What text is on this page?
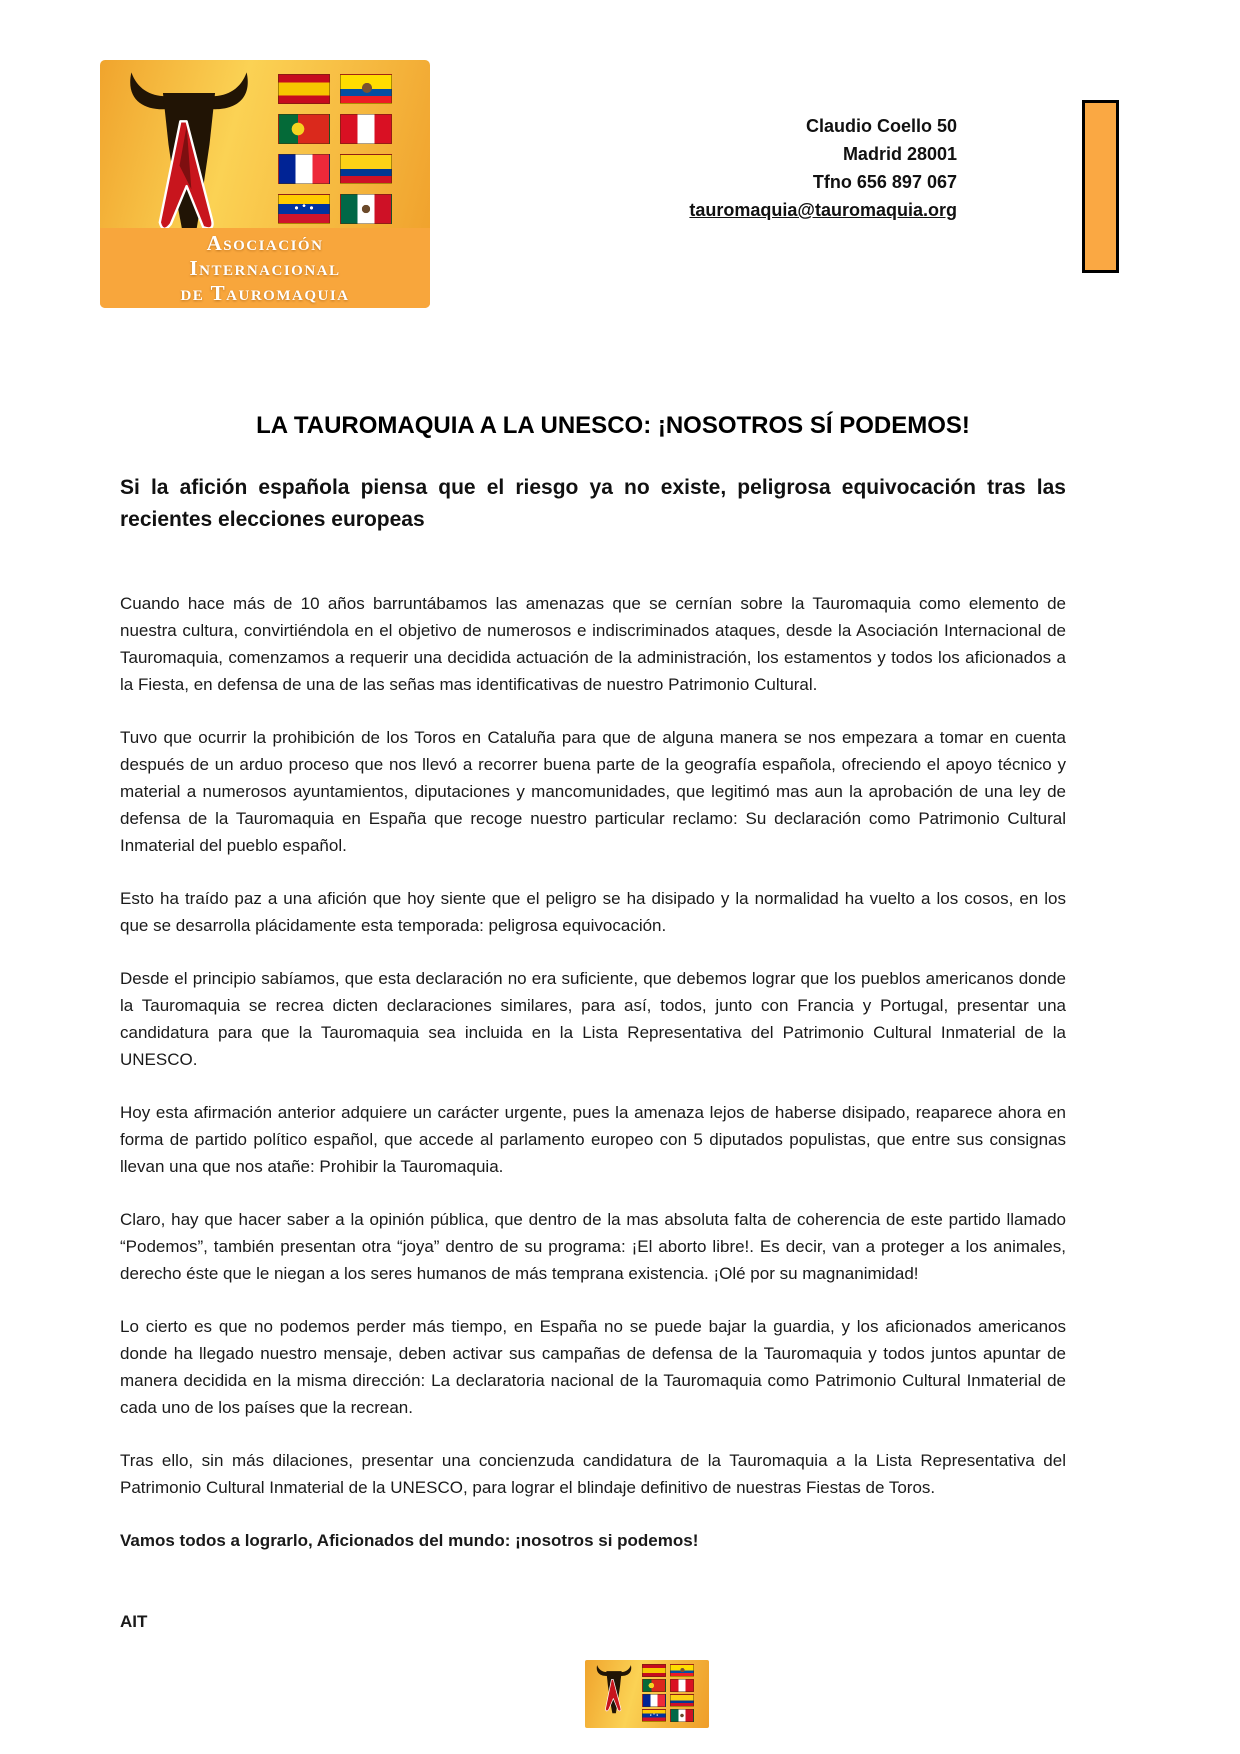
Asociación
Internacional
de Tauromaquia
Claudio Coello 50
Madrid 28001
Tfno 656 897 067
tauromaquia@tauromaquia.org
LA TAUROMAQUIA A LA UNESCO: ¡NOSOTROS SÍ PODEMOS!
Si la afición española piensa que el riesgo ya no existe, peligrosa equivocación tras las recientes elecciones europeas

Cuando hace más de 10 años barruntábamos las amenazas que se cernían sobre la Tauromaquia como elemento de nuestra cultura, convirtiéndola en el objetivo de numerosos e indiscriminados ataques, desde la Asociación Internacional de Tauromaquia, comenzamos a requerir una decidida actuación de la administración, los estamentos y todos los aficionados a la Fiesta, en defensa de una de las señas mas identificativas de nuestro Patrimonio Cultural.

Tuvo que ocurrir la prohibición de los Toros en Cataluña para que de alguna manera se nos empezara a tomar en cuenta después de un arduo proceso que nos llevó a recorrer buena parte de la geografía española, ofreciendo el apoyo técnico y material a numerosos ayuntamientos, diputaciones y mancomunidades, que legitimó mas aun la aprobación de una ley de defensa de la Tauromaquia en España que recoge nuestro particular reclamo: Su declaración como Patrimonio Cultural Inmaterial del pueblo español.

Esto ha traído paz a una afición que hoy siente que el peligro se ha disipado y la normalidad ha vuelto a los cosos, en los que se desarrolla plácidamente esta temporada: peligrosa equivocación.

Desde el principio sabíamos, que esta declaración no era suficiente, que debemos lograr que los pueblos americanos donde la Tauromaquia se recrea dicten declaraciones similares, para así, todos, junto con Francia y Portugal, presentar una candidatura para que la Tauromaquia sea incluida en la Lista Representativa del Patrimonio Cultural Inmaterial de la UNESCO.

Hoy esta afirmación anterior adquiere un carácter urgente, pues la amenaza lejos de haberse disipado, reaparece ahora en forma de partido político español, que accede al parlamento europeo con 5 diputados populistas, que entre sus consignas llevan una que nos atañe: Prohibir la Tauromaquia.

Claro, hay que hacer saber a la opinión pública, que dentro de la mas absoluta falta de coherencia de este partido llamado “Podemos”, también presentan otra “joya” dentro de su programa: ¡El aborto libre!. Es decir, van a proteger a los animales, derecho éste que le niegan a los seres humanos de más temprana existencia. ¡Olé por su magnanimidad!

Lo cierto es que no podemos perder más tiempo, en España no se puede bajar la guardia, y los aficionados americanos donde ha llegado nuestro mensaje, deben activar sus campañas de defensa de la Tauromaquia y todos juntos apuntar de manera decidida en la misma dirección: La declaratoria nacional de la Tauromaquia como Patrimonio Cultural Inmaterial de cada uno de los países que la recrean.

Tras ello, sin más dilaciones, presentar una concienzuda candidatura de la Tauromaquia a la Lista Representativa del Patrimonio Cultural Inmaterial de la UNESCO, para lograr el blindaje definitivo de nuestras Fiestas de Toros.

Vamos todos a lograrlo, Aficionados del mundo: ¡nosotros si podemos!

AIT
